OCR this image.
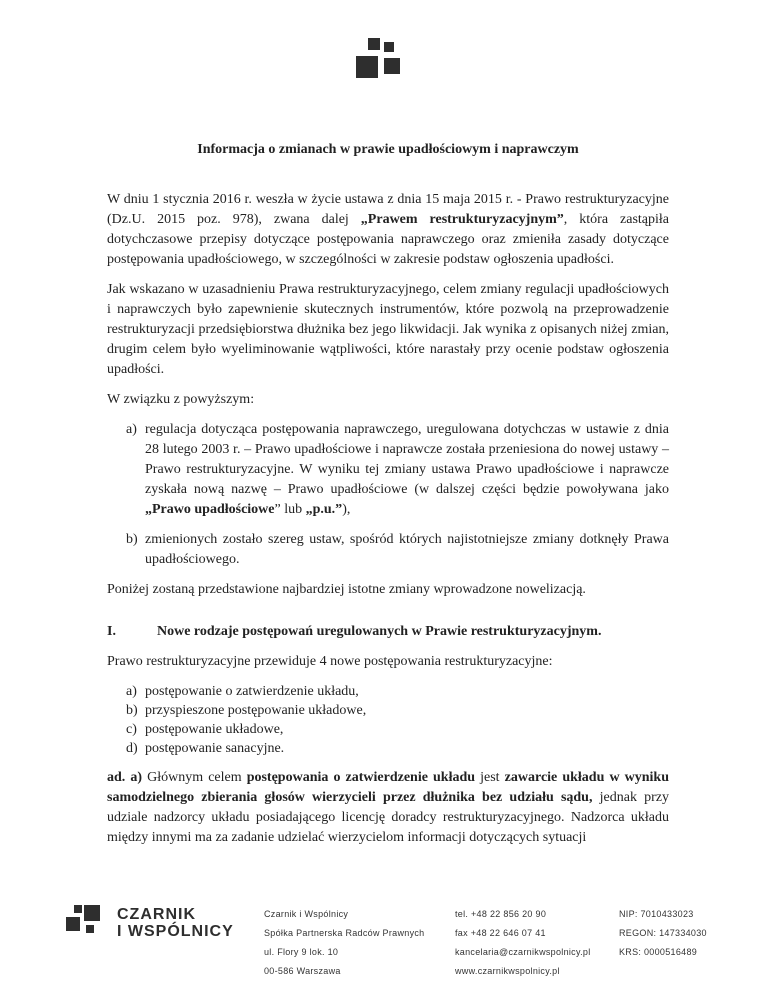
Informacja o zmianach w prawie upadłościowym i naprawczym

W dniu 1 stycznia 2016 r. weszła w życie ustawa z dnia 15 maja 2015 r. - Prawo restrukturyzacyjne (Dz.U. 2015 poz. 978), zwana dalej „Prawem restrukturyzacyjnym”, która zastąpiła dotychczasowe przepisy dotyczące postępowania naprawczego oraz zmieniła zasady dotyczące postępowania upadłościowego, w szczególności w zakresie podstaw ogłoszenia upadłości.

Jak wskazano w uzasadnieniu Prawa restrukturyzacyjnego, celem zmiany regulacji upadłościowych i naprawczych było zapewnienie skutecznych instrumentów, które pozwolą na przeprowadzenie restrukturyzacji przedsiębiorstwa dłużnika bez jego likwidacji. Jak wynika z opisanych niżej zmian, drugim celem było wyeliminowanie wątpliwości, które narastały przy ocenie podstaw ogłoszenia upadłości.

W związku z powyższym:

a) regulacja dotycząca postępowania naprawczego, uregulowana dotychczas w ustawie z dnia 28 lutego 2003 r. – Prawo upadłościowe i naprawcze została przeniesiona do nowej ustawy – Prawo restrukturyzacyjne. W wyniku tej zmiany ustawa Prawo upadłościowe i naprawcze zyskała nową nazwę – Prawo upadłościowe (w dalszej części będzie powoływana jako „Prawo upadłościowe” lub „p.u.”),
b) zmienionych zostało szereg ustaw, spośród których najistotniejsze zmiany dotknęły Prawa upadłościowego.

Poniżej zostaną przedstawione najbardziej istotne zmiany wprowadzone nowelizacją.

I.	Nowe rodzaje postępowań uregulowanych w Prawie restrukturyzacyjnym.

Prawo restrukturyzacyjne przewiduje 4 nowe postępowania restrukturyzacyjne:

a) postępowanie o zatwierdzenie układu,
b) przyspieszone postępowanie układowe,
c) postępowanie układowe,
d) postępowanie sanacyjne.

ad. a) Głównym celem postępowania o zatwierdzenie układu jest zawarcie układu w wyniku samodzielnego zbierania głosów wierzycieli przez dłużnika bez udziału sądu, jednak przy udziale nadzorcy układu posiadającego licencję doradcy restrukturyzacyjnego. Nadzorca układu między innymi ma za zadanie udzielać wierzycielom informacji dotyczących sytuacji

CZARNIK
I WSPÓLNICY
Czarnik i Wspólnicy
Spółka Partnerska Radców Prawnych
ul. Flory 9 lok. 10
00-586 Warszawa
tel. +48 22 856 20 90
fax +48 22 646 07 41
kancelaria@czarnikwspolnicy.pl
www.czarnikwspolnicy.pl
NIP: 7010433023
REGON: 147334030
KRS: 0000516489
